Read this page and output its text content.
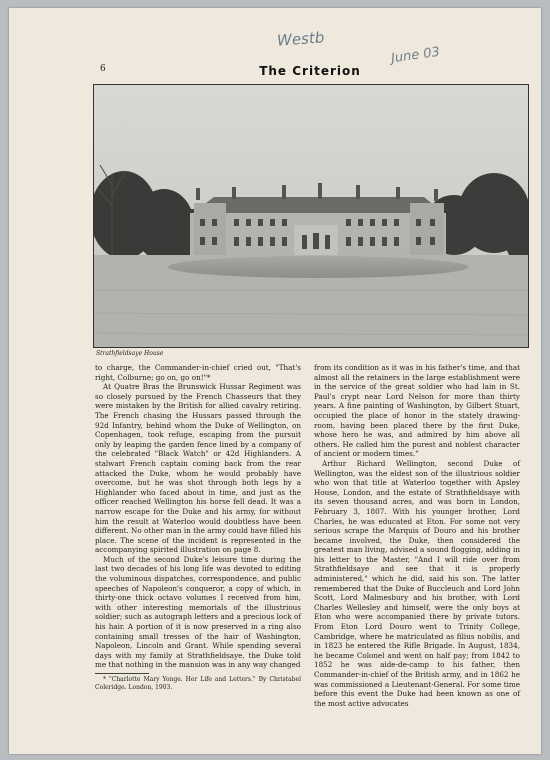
Westb
June 03
6	The Criterion
Strathfieldsaye House

to charge, the Commander-in-chief cried out, "That's right, Colburne; go on, go on!"*

At Quatre Bras the Brunswick Hussar Regiment was so closely pursued by the French Chasseurs that they were mistaken by the British for allied cavalry retiring. The French chasing the Hussars passed through the 92d Infantry, behind whom the Duke of Wellington, on Copenhagen, took refuge, escaping from the pursuit only by leaping the garden fence lined by a company of the celebrated "Black Watch" or 42d Highlanders. A stalwart French captain coming back from the rear attacked the Duke, whom he would probably have overcome, but he was shot through both legs by a Highlander who faced about in time, and just as the officer reached Wellington his horse fell dead. It was a narrow escape for the Duke and his army, for without him the result at Waterloo would doubtless have been different. No other man in the army could have filled his place. The scene of the incident is represented in the accompanying spirited illustration on page 8.

Much of the second Duke's leisure time during the last two decades of his long life was devoted to editing the voluminous dispatches, correspondence, and public speeches of Napoleon's conqueror, a copy of which, in thirty-one thick octavo volumes I received from him, with other interesting memorials of the illustrious soldier; such as autograph letters and a precious lock of his hair. A portion of it is now preserved in a ring also containing small tresses of the hair of Washington, Napoleon, Lincoln and Grant. While spending several days with my family at Strathfieldsaye, the Duke told me that nothing in the mansion was in any way changed

* "Charlotte Mary Yonge. Her Life and Letters." By Christabel Coleridge. London, 1903.

from its condition as it was in his father's time, and that almost all the retainers in the large establishment were in the service of the great soldier who had lain in St. Paul's crypt near Lord Nelson for more than thirty years. A fine painting of Washington, by Gilbert Stuart, occupied the place of honor in the stately drawing-room, having been placed there by the first Duke, whose hero he was, and admired by him above all others. He called him the purest and noblest character of ancient or modern times."

Arthur Richard Wellington, second Duke of Wellington, was the eldest son of the illustrious soldier who won that title at Waterloo together with Apsley House, London, and the estate of Strathfieldsaye with its seven thousand acres, and was born in London, February 3, 1807. With his younger brother, Lord Charles, he was educated at Eton. For some not very serious scrape the Marquis of Douro and his brother became involved, the Duke, then considered the greatest man living, advised a sound flogging, adding in his letter to the Master, "And I will ride over from Strathfieldsaye and see that it is properly administered," which he did, said his son. The latter remembered that the Duke of Buccleuch and Lord John Scott, Lord Malmesbury and his brother, with Lord Charles Wellesley and himself, were the only boys at Eton who were accompanied there by private tutors. From Eton Lord Douro went to Trinity College, Cambridge, where he matriculated as filius nobilis, and in 1823 he entered the Rifle Brigade. In August, 1834, he became Colonel and went on half pay; from 1842 to 1852 he was aide-de-camp to his father, then Commander-in-chief of the British army, and in 1862 he was commissioned a Lieutenant-General. For some time before this event the Duke had been known as one of the most active advocates
